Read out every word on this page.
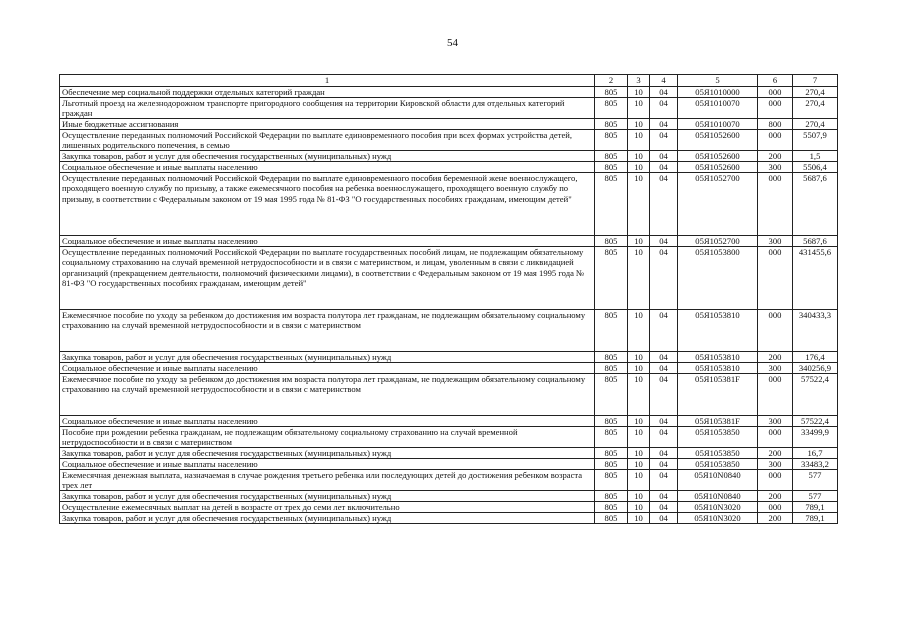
54
1	2	3	4	5	6	7

Обеспечение мер социальной поддержки отдельных категорий граждан	805	10	04	05Я1010000	000	270,4

Льготный проезд на железнодорожном транспорте пригородного сообщения на территории Кировской области для отдельных категорий граждан	805	10	04	05Я1010070	000	270,4

Иные бюджетные ассигнования	805	10	04	05Я1010070	800	270,4

Осуществление переданных полномочий Российской Федерации по выплате единовременного пособия при всех формах устройства детей, лишенных родительского попечения, в семью	805	10	04	05Я1052600	000	5507,9

Закупка товаров, работ и услуг для обеспечения государственных (муниципальных) нужд	805	10	04	05Я1052600	200	1,5

Социальное обеспечение и иные выплаты населению	805	10	04	05Я1052600	300	5506,4

Осуществление переданных полномочий Российской Федерации по выплате единовременного пособия беременной жене военнослужащего, проходящего военную службу по призыву, а также ежемесячного пособия на ребенка военнослужащего, проходящего военную службу по призыву, в соответствии с Федеральным законом от 19 мая 1995 года № 81-ФЗ "О государственных пособиях гражданам, имеющим детей"	805	10	04	05Я1052700	000	5687,6

Социальное обеспечение и иные выплаты населению	805	10	04	05Я1052700	300	5687,6

Осуществление переданных полномочий Российской Федерации по выплате государственных пособий лицам, не подлежащим обязательному социальному страхованию на случай временной нетрудоспособности и в связи с материнством, и лицам, уволенным в связи с ликвидацией организаций (прекращением деятельности, полномочий физическими лицами), в соответствии с Федеральным законом от 19 мая 1995 года № 81-ФЗ "О государственных пособиях гражданам, имеющим детей"	805	10	04	05Я1053800	000	431455,6

Ежемесячное пособие по уходу за ребенком до достижения им возраста полутора лет гражданам, не подлежащим обязательному социальному страхованию на случай временной нетрудоспособности и в связи с материнством	805	10	04	05Я1053810	000	340433,3

Закупка товаров, работ и услуг для обеспечения государственных (муниципальных) нужд	805	10	04	05Я1053810	200	176,4

Социальное обеспечение и иные выплаты населению	805	10	04	05Я1053810	300	340256,9

Ежемесячное пособие по уходу за ребенком до достижения им возраста полутора лет гражданам, не подлежащим обязательному социальному страхованию на случай временной нетрудоспособности и в связи с материнством	805	10	04	05Я105381F	000	57522,4

Социальное обеспечение и иные выплаты населению	805	10	04	05Я105381F	300	57522,4

Пособие при рождении ребенка гражданам, не подлежащим обязательному социальному страхованию на случай временной нетрудоспособности и в связи с материнством	805	10	04	05Я1053850	000	33499,9

Закупка товаров, работ и услуг для обеспечения государственных (муниципальных) нужд	805	10	04	05Я1053850	200	16,7

Социальное обеспечение и иные выплаты населению	805	10	04	05Я1053850	300	33483,2

Ежемесячная денежная выплата, назначаемая в случае рождения третьего ребенка или последующих детей до достижения ребенком возраста трех лет	805	10	04	05Я10N0840	000	577

Закупка товаров, работ и услуг для обеспечения государственных (муниципальных) нужд	805	10	04	05Я10N0840	200	577

Осуществление ежемесячных выплат на детей в возрасте от трех до семи лет включительно	805	10	04	05Я10N3020	000	789,1

Закупка товаров, работ и услуг для обеспечения государственных (муниципальных) нужд	805	10	04	05Я10N3020	200	789,1
